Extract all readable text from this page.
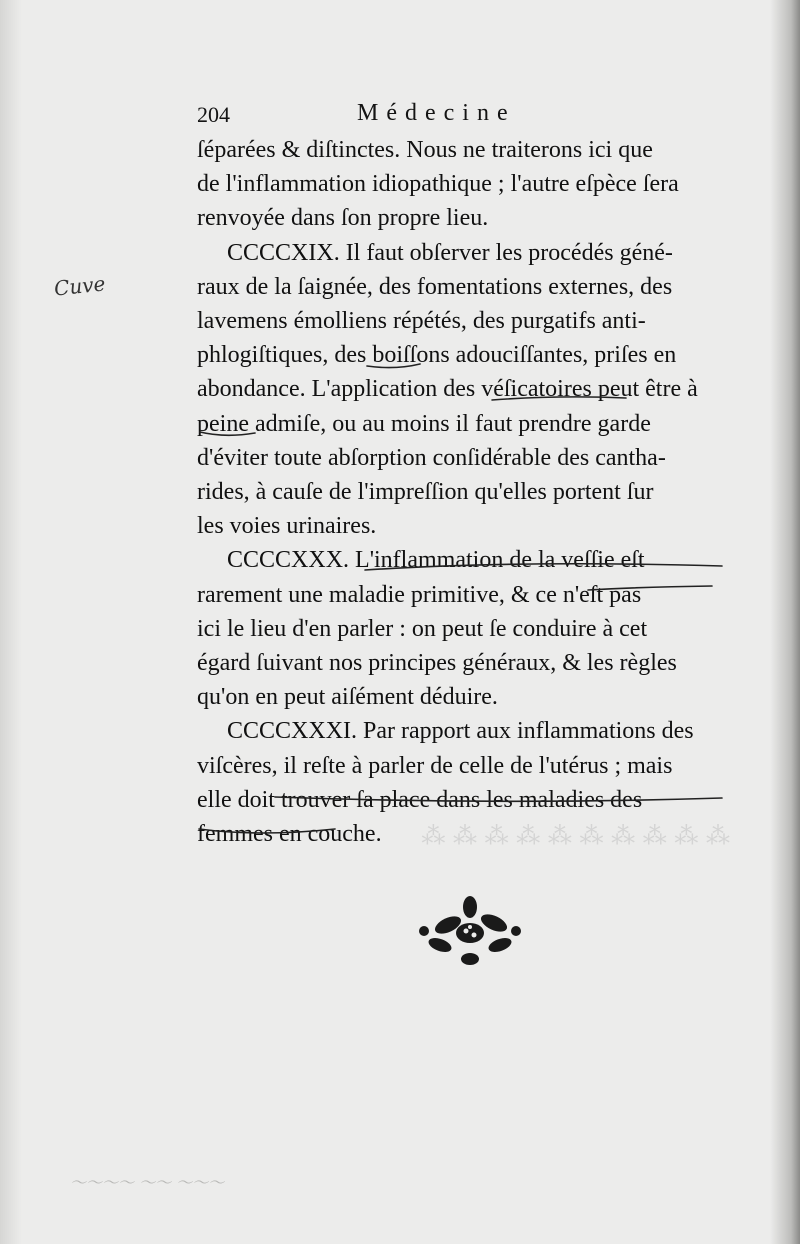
⁂ ⁂ ⁂ ⁂ ⁂ ⁂ ⁂ ⁂ ⁂ ⁂
204	Médecine
Cuve

ſéparées & diſtinctes. Nous ne traiterons ici que

de l'inflammation idiopathique ; l'autre eſpèce ſera

renvoyée dans ſon propre lieu.

CCCCXIX. Il faut obſerver les procédés géné-

raux de la ſaignée, des fomentations externes, des

lavemens émolliens répétés, des purgatifs anti-

phlogiſtiques, des boiſſons adouciſſantes, priſes en

abondance. L'application des véſicatoires peut être à

peine admiſe, ou au moins il faut prendre garde

d'éviter toute abſorption conſidérable des cantha-

rides, à cauſe de l'impreſſion qu'elles portent ſur

les voies urinaires.

CCCCXXX. L'inflammation de la veſſie eſt

rarement une maladie primitive, & ce n'eſt pas

ici le lieu d'en parler : on peut ſe conduire à cet

égard ſuivant nos principes généraux, & les règles

qu'on en peut aiſément déduire.

CCCCXXXI. Par rapport aux inflammations des

viſcères, il reſte à parler de celle de l'utérus ; mais

elle doit trouver ſa place dans les maladies des

femmes en couche.

～～～～ ～～ ～～～
